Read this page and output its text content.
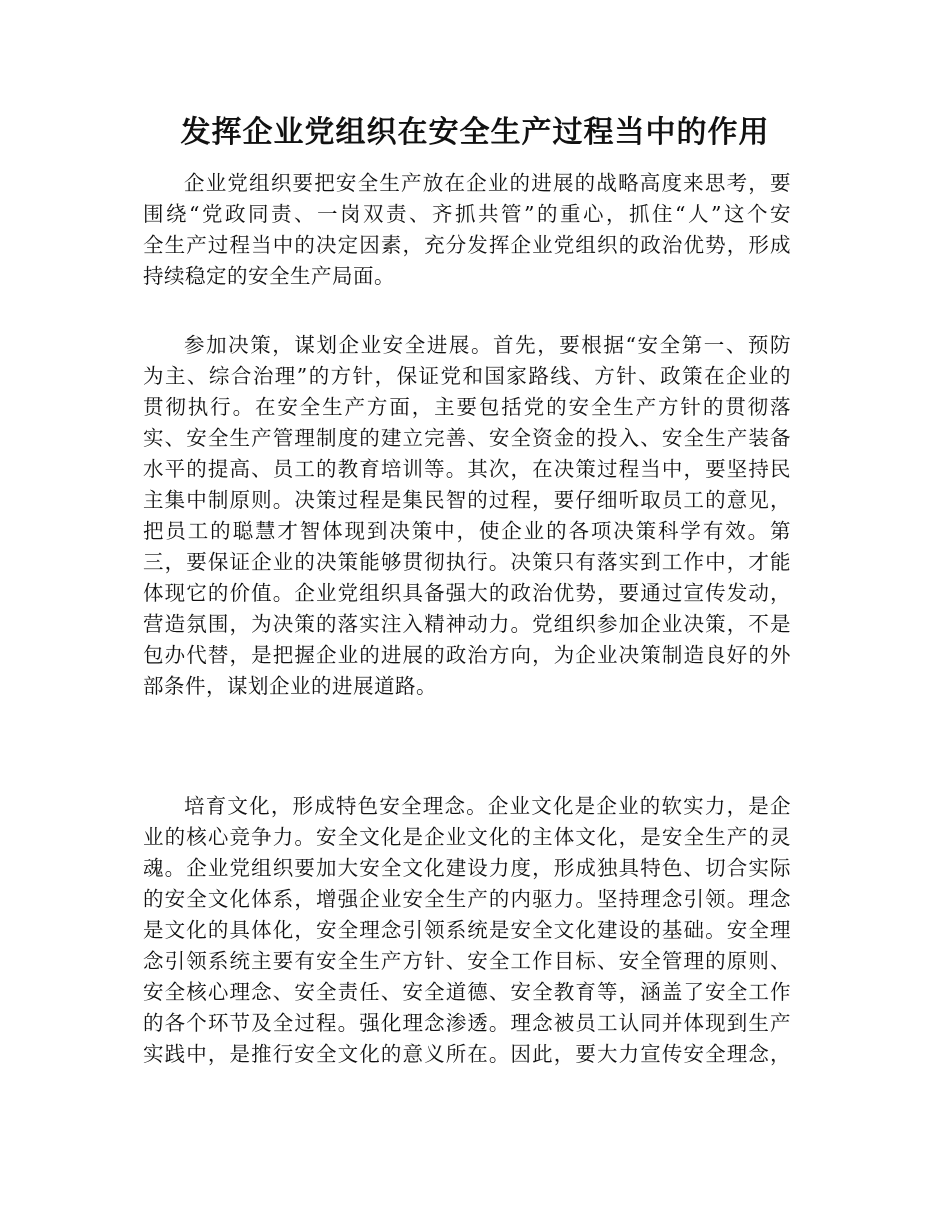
发挥企业党组织在安全生产过程当中的作用
企业党组织要把安全生产放在企业的进展的战略高度来思考，要
围绕“党政同责、一岗双责、齐抓共管”的重心，抓住“人”这个安
全生产过程当中的决定因素，充分发挥企业党组织的政治优势，形成
持续稳定的安全生产局面。
参加决策，谋划企业安全进展。首先，要根据“安全第一、预防
为主、综合治理”的方针，保证党和国家路线、方针、政策在企业的
贯彻执行。在安全生产方面，主要包括党的安全生产方针的贯彻落
实、安全生产管理制度的建立完善、安全资金的投入、安全生产装备
水平的提高、员工的教育培训等。其次，在决策过程当中，要坚持民
主集中制原则。决策过程是集民智的过程，要仔细听取员工的意见，
把员工的聪慧才智体现到决策中，使企业的各项决策科学有效。第
三，要保证企业的决策能够贯彻执行。决策只有落实到工作中，才能
体现它的价值。企业党组织具备强大的政治优势，要通过宣传发动，
营造氛围，为决策的落实注入精神动力。党组织参加企业决策，不是
包办代替，是把握企业的进展的政治方向，为企业决策制造良好的外
部条件，谋划企业的进展道路。
培育文化，形成特色安全理念。企业文化是企业的软实力，是企
业的核心竞争力。安全文化是企业文化的主体文化，是安全生产的灵
魂。企业党组织要加大安全文化建设力度，形成独具特色、切合实际
的安全文化体系，增强企业安全生产的内驱力。坚持理念引领。理念
是文化的具体化，安全理念引领系统是安全文化建设的基础。安全理
念引领系统主要有安全生产方针、安全工作目标、安全管理的原则、
安全核心理念、安全责任、安全道德、安全教育等，涵盖了安全工作
的各个环节及全过程。强化理念渗透。理念被员工认同并体现到生产
实践中，是推行安全文化的意义所在。因此，要大力宣传安全理念，
